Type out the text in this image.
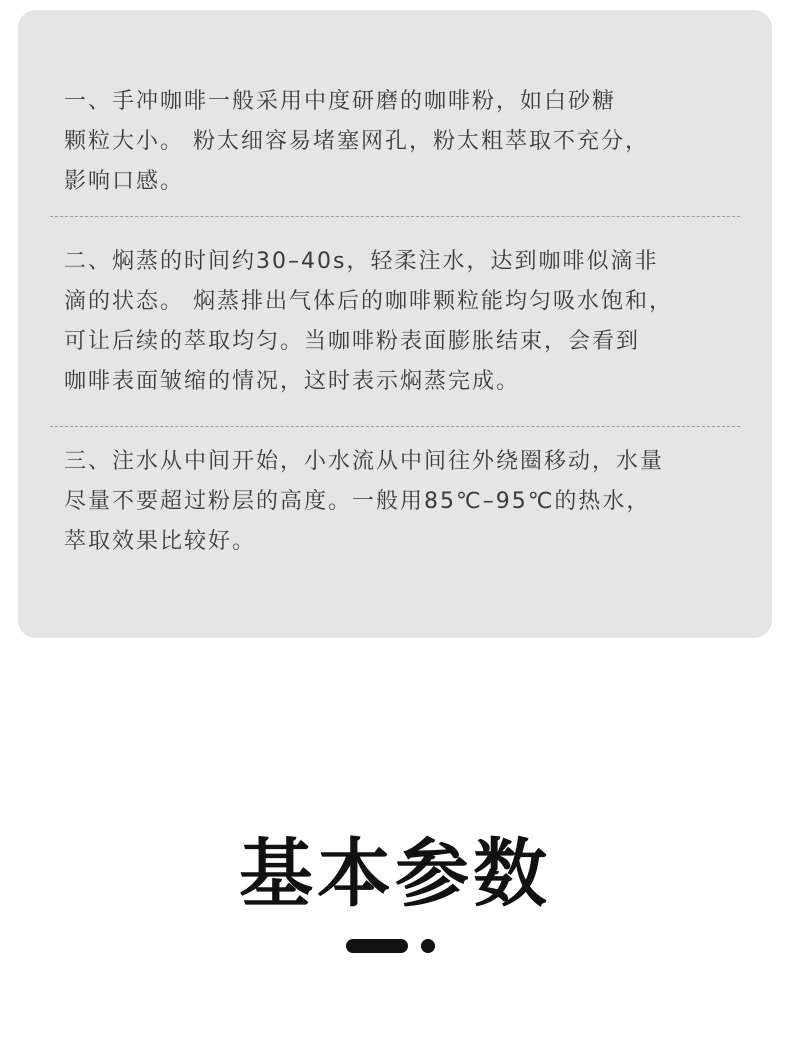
一、手冲咖啡一般采用中度研磨的咖啡粉，如白砂糖
颗粒大小。 粉太细容易堵塞网孔，粉太粗萃取不充分，
影响口感。
二、焖蒸的时间约30–40s，轻柔注水，达到咖啡似滴非
滴的状态。 焖蒸排出气体后的咖啡颗粒能均匀吸水饱和，
可让后续的萃取均匀。当咖啡粉表面膨胀结束，会看到
咖啡表面皱缩的情况，这时表示焖蒸完成。
三、注水从中间开始，小水流从中间往外绕圈移动，水量
尽量不要超过粉层的高度。一般用85℃–95℃的热水，
萃取效果比较好。
基本参数
